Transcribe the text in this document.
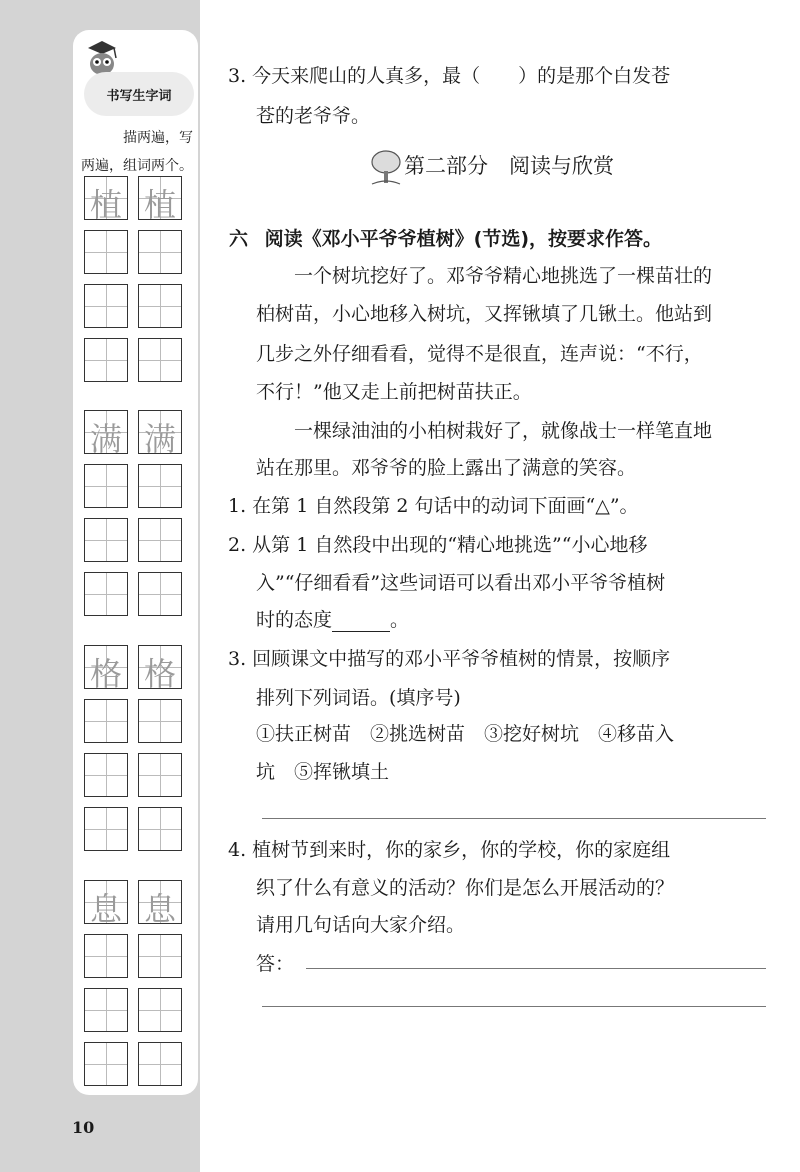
书写生字词
描两遍，写
两遍，组词两个。
植 植
满 满
格 格
息 息
10
3. 今天来爬山的人真多，最（　　）的是那个白发苍
苍的老爷爷。
第二部分　阅读与欣赏
六 阅读《邓小平爷爷植树》(节选)，按要求作答。
　　一个树坑挖好了。邓爷爷精心地挑选了一棵苗壮的
柏树苗，小心地移入树坑，又挥锹填了几锹土。他站到
几步之外仔细看看，觉得不是很直，连声说：“不行，
不行！”他又走上前把树苗扶正。
　　一棵绿油油的小柏树栽好了，就像战士一样笔直地
站在那里。邓爷爷的脸上露出了满意的笑容。
1. 在第 1 自然段第 2 句话中的动词下面画“△”。
2. 从第 1 自然段中出现的“精心地挑选”“小心地移
入”“仔细看看”这些词语可以看出邓小平爷爷植树
时的态度	。
3. 回顾课文中描写的邓小平爷爷植树的情景，按顺序
排列下列词语。(填序号)
①扶正树苗　②挑选树苗　③挖好树坑　④移苗入
坑　⑤挥锹填土
4. 植树节到来时，你的家乡，你的学校，你的家庭组
织了什么有意义的活动？你们是怎么开展活动的？
请用几句话向大家介绍。
答：
